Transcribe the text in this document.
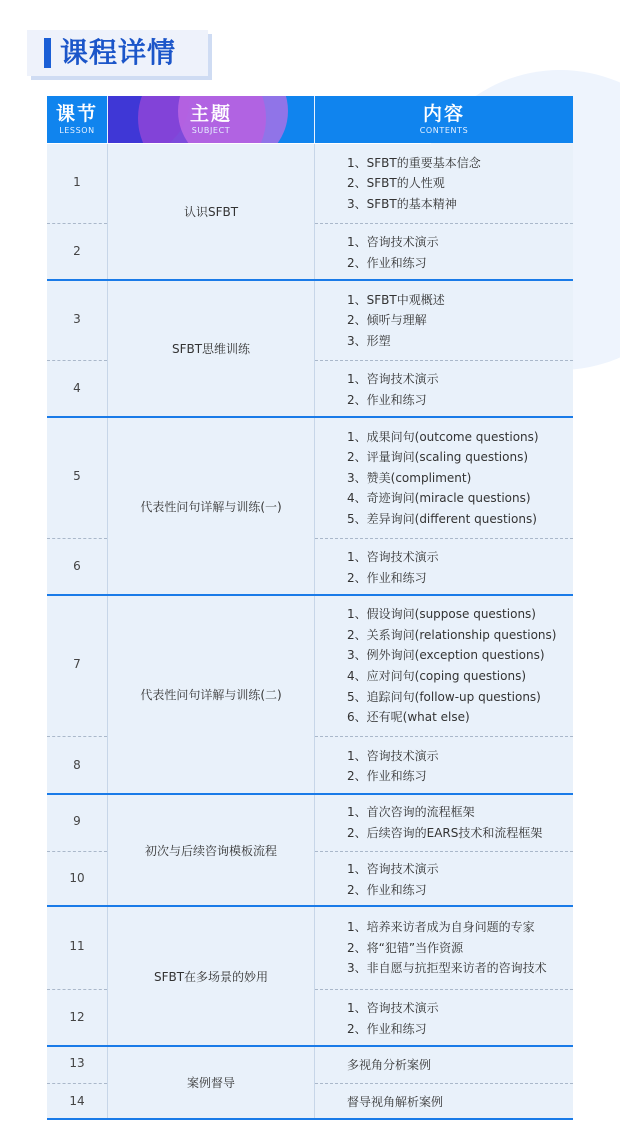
课程详情
课节
LESSON
主题
SUBJECT
内容
CONTENTS
1
2
认识SFBT
1、SFBT的重要基本信念
2、SFBT的人性观
3、SFBT的基本精神
1、咨询技术演示
2、作业和练习
3
4
SFBT思维训练
1、SFBT中观概述
2、倾听与理解
3、形塑
1、咨询技术演示
2、作业和练习
5
6
代表性问句详解与训练(一)
1、成果问句(outcome questions)
2、评量询问(scaling questions)
3、赞美(compliment)
4、奇迹询问(miracle questions)
5、差异询问(different questions)
1、咨询技术演示
2、作业和练习
7
8
代表性问句详解与训练(二)
1、假设询问(suppose questions)
2、关系询问(relationship questions)
3、例外询问(exception questions)
4、应对问句(coping questions)
5、追踪问句(follow-up questions)
6、还有呢(what else)
1、咨询技术演示
2、作业和练习
9
10
初次与后续咨询模板流程
1、首次咨询的流程框架
2、后续咨询的EARS技术和流程框架
1、咨询技术演示
2、作业和练习
11
12
SFBT在多场景的妙用
1、培养来访者成为自身问题的专家
2、将“犯错”当作资源
3、非自愿与抗拒型来访者的咨询技术
1、咨询技术演示
2、作业和练习
13
14
案例督导
多视角分析案例
督导视角解析案例
